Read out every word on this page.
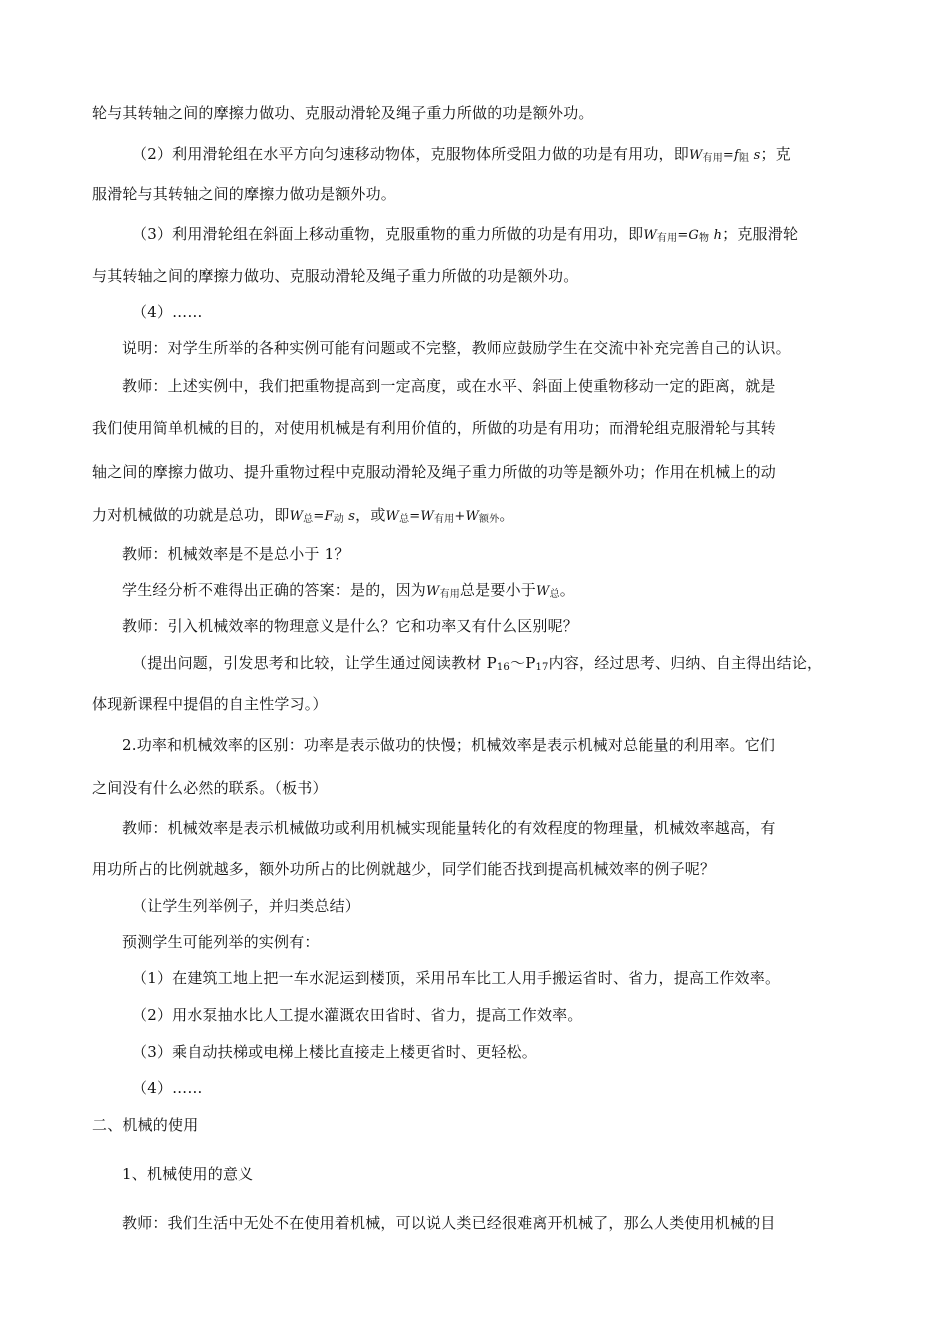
轮与其转轴之间的摩擦力做功、克服动滑轮及绳子重力所做的功是额外功。
（2）利用滑轮组在水平方向匀速移动物体，克服物体所受阻力做的功是有用功，即$W_{有用}=f_阻$ s；克
服滑轮与其转轴之间的摩擦力做功是额外功。
（3）利用滑轮组在斜面上移动重物，克服重物的重力所做的功是有用功，即$W_{有用}=G_物$ h；克服滑轮
与其转轴之间的摩擦力做功、克服动滑轮及绳子重力所做的功是额外功。
（4）……
说明：对学生所举的各种实例可能有问题或不完整，教师应鼓励学生在交流中补充完善自己的认识。
教师：上述实例中，我们把重物提高到一定高度，或在水平、斜面上使重物移动一定的距离，就是
我们使用简单机械的目的，对使用机械是有利用价值的，所做的功是有用功；而滑轮组克服滑轮与其转
轴之间的摩擦力做功、提升重物过程中克服动滑轮及绳子重力所做的功等是额外功；作用在机械上的动
力对机械做的功就是总功，即$W_总=F_动$ s，或$W_总=W_{有用}+W_{额外}$。
教师：机械效率是不是总小于 1？
学生经分析不难得出正确的答案：是的，因为$W_{有用}$总是要小于$W_总$。
教师：引入机械效率的物理意义是什么？它和功率又有什么区别呢？
（提出问题，引发思考和比较，让学生通过阅读教材 $P_{16}\sim P_{17}$内容，经过思考、归纳、自主得出结论，
体现新课程中提倡的自主性学习。）
2.功率和机械效率的区别：功率是表示做功的快慢；机械效率是表示机械对总能量的利用率。它们
之间没有什么必然的联系。（板书）
教师：机械效率是表示机械做功或利用机械实现能量转化的有效程度的物理量，机械效率越高，有
用功所占的比例就越多，额外功所占的比例就越少，同学们能否找到提高机械效率的例子呢？
（让学生列举例子，并归类总结）
预测学生可能列举的实例有：
（1）在建筑工地上把一车水泥运到楼顶，采用吊车比工人用手搬运省时、省力，提高工作效率。
（2）用水泵抽水比人工提水灌溉农田省时、省力，提高工作效率。
（3）乘自动扶梯或电梯上楼比直接走上楼更省时、更轻松。
（4）……
二、机械的使用
1、机械使用的意义
教师：我们生活中无处不在使用着机械，可以说人类已经很难离开机械了，那么人类使用机械的目
